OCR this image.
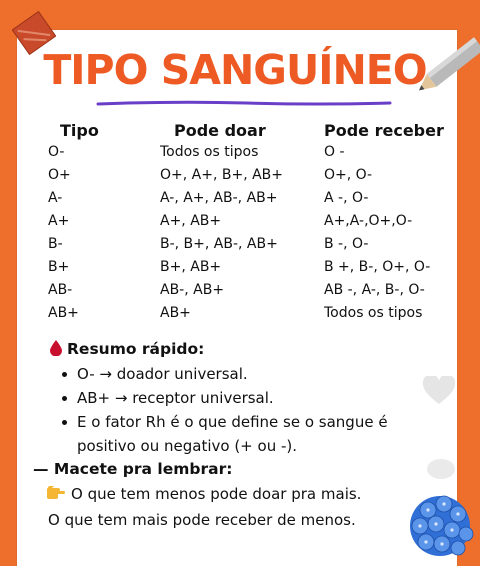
TIPO SANGUÍNEO
Tipo	Pode doar	Pode receber
O-	Todos os tipos	O -
O+	O+, A+, B+, AB+	O+, O-
A-	A-, A+, AB-, AB+	A -, O-
A+	A+, AB+	A+,A-,O+,O-
B-	B-, B+, AB-, AB+	B -, O-
B+	B+, AB+	B +, B-, O+, O-
AB-	AB-, AB+	AB -, A-, B-, O-
AB+	AB+	Todos os tipos
Resumo rápido:
O- → doador universal.
AB+ → receptor universal.
E o fator Rh é o que define se o sangue é positivo ou negativo (+ ou -).
— Macete pra lembrar:
O que tem menos pode doar pra mais.
O que tem mais pode receber de menos.
